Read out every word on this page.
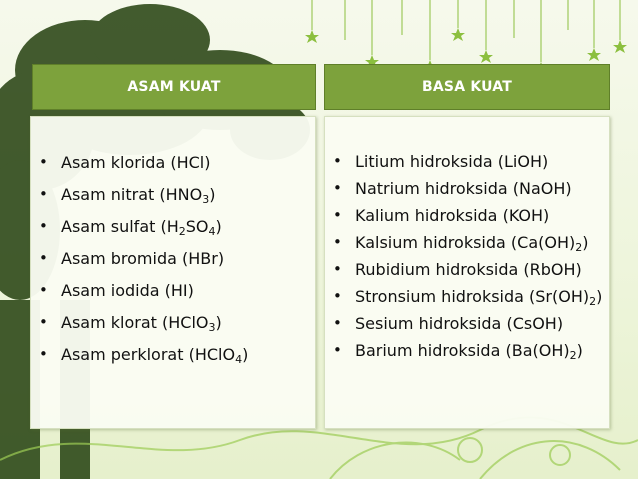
ASAM KUAT	BASA KUAT
• Asam klorida (HCl)
• Asam nitrat $(HNO_3)$
• Asam sulfat $(H_2SO_4)$
• Asam bromida (HBr)
• Asam iodida (HI)
• Asam klorat (HClO$_3$)
• Asam perklorat (HClO$_4$)
• Litium hidroksida (LiOH)
• Natrium hidroksida (NaOH)
• Kalium hidroksida (KOH)
• Kalsium hidroksida $(Ca(OH)_2)$
• Rubidium hidroksida (RbOH)
• Stronsium hidroksida $(Sr(OH)_2)$
• Sesium hidroksida (CsOH)
• Barium hidroksida $(Ba(OH)_2)$
